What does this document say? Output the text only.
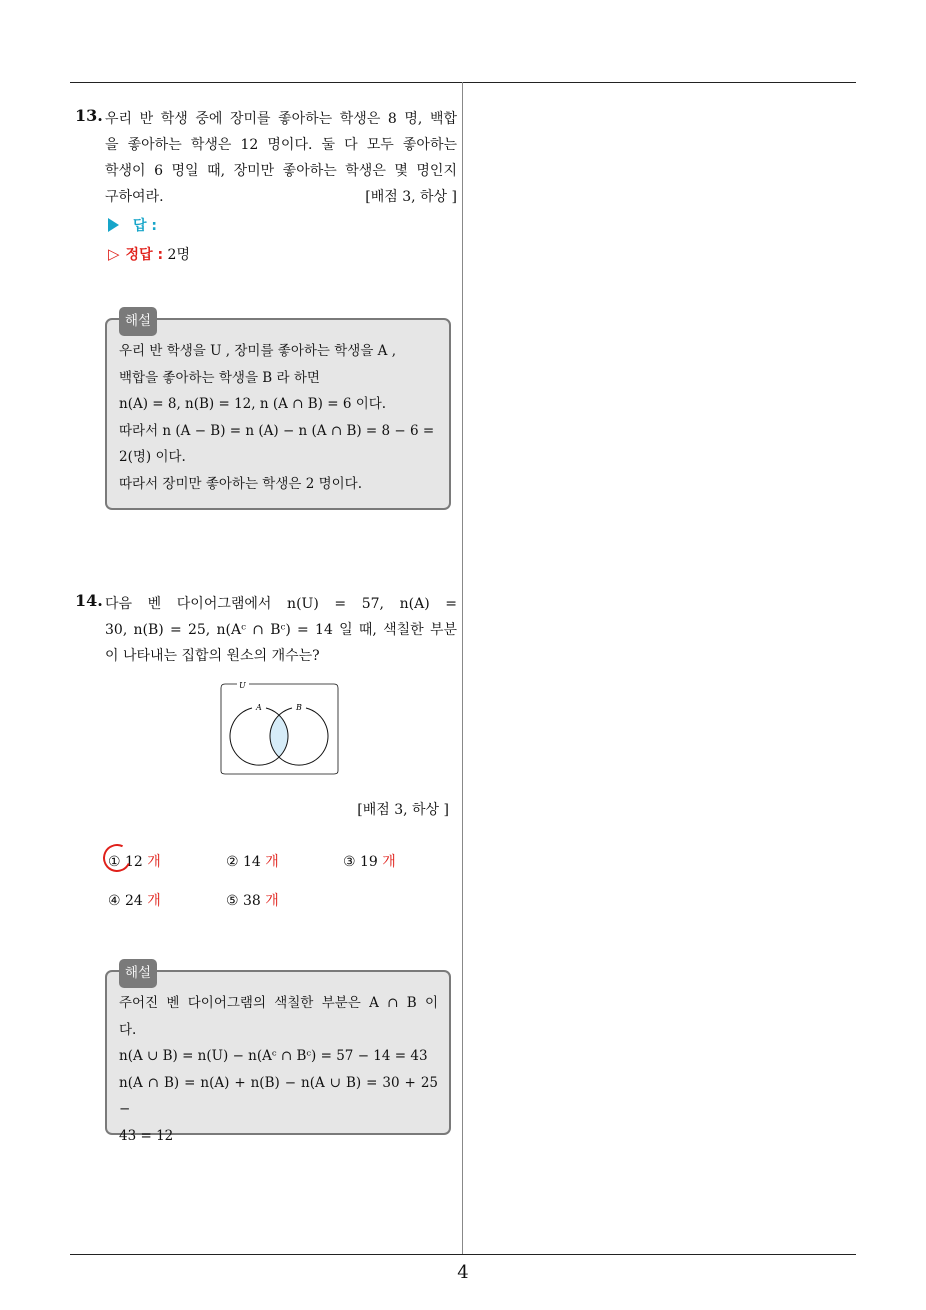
4
13. 우리 반 학생 중에 장미를 좋아하는 학생은 8 명, 백합
을 좋아하는 학생은 12 명이다. 둘 다 모두 좋아하는
학생이 6 명일 때, 장미만 좋아하는 학생은 몇 명인지
구하여라.	[배점 3, 하상 ]
답 :
▷ 정답 : 2명
해설
우리 반 학생을 U , 장미를 좋아하는 학생을 A ,
백합을 좋아하는 학생을 B 라 하면
n(A) = 8, n(B) = 12, n (A ∩ B) = 6 이다.
따라서 n (A − B) = n (A) − n (A ∩ B) = 8 − 6 =
2(명) 이다.
따라서 장미만 좋아하는 학생은 2 명이다.
14. 다음 벤 다이어그램에서 n(U) = 57, n(A) =
30, n(B) = 25, n(Aᶜ ∩ Bᶜ) = 14 일 때, 색칠한 부분
이 나타내는 집합의 원소의 개수는?
U
A	B
[배점 3, 하상 ]
① 12 개	② 14 개	③ 19 개
④ 24 개	⑤ 38 개
해설
주어진 벤 다이어그램의 색칠한 부분은 A ∩ B 이
다.
n(A ∪ B) = n(U) − n(Aᶜ ∩ Bᶜ) = 57 − 14 = 43
n(A ∩ B) = n(A) + n(B) − n(A ∪ B) = 30 + 25 −
43 = 12
